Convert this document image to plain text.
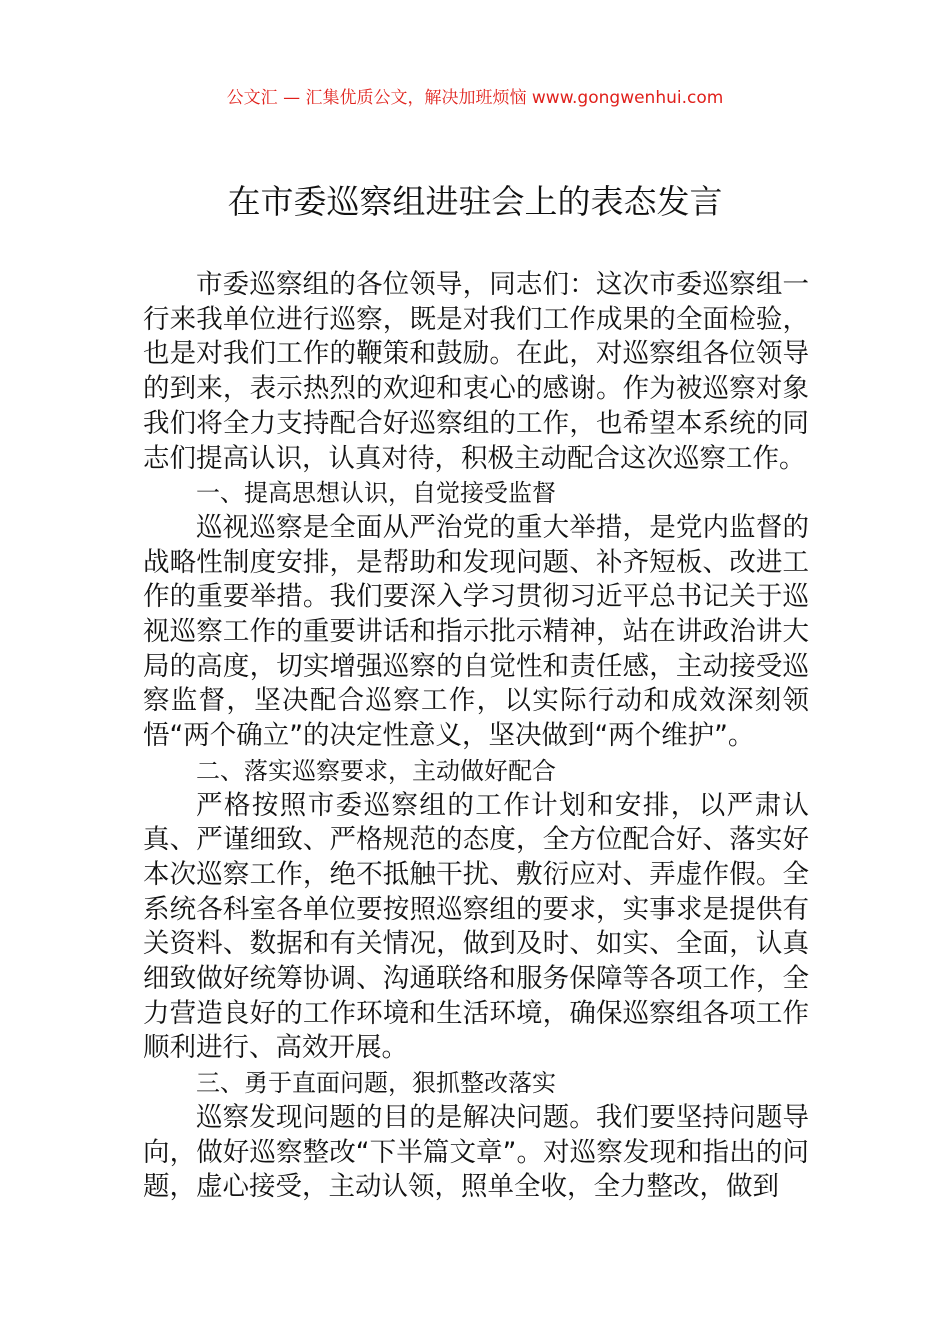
公文汇 — 汇集优质公文，解决加班烦恼 www.gongwenhui.com
在市委巡察组进驻会上的表态发言

市委巡察组的各位领导，同志们：这次市委巡察组一行来我单位进行巡察，既是对我们工作成果的全面检验，也是对我们工作的鞭策和鼓励。在此，对巡察组各位领导的到来，表示热烈的欢迎和衷心的感谢。作为被巡察对象我们将全力支持配合好巡察组的工作，也希望本系统的同志们提高认识，认真对待，积极主动配合这次巡察工作。

一、提高思想认识，自觉接受监督

巡视巡察是全面从严治党的重大举措，是党内监督的战略性制度安排，是帮助和发现问题、补齐短板、改进工作的重要举措。我们要深入学习贯彻习近平总书记关于巡视巡察工作的重要讲话和指示批示精神，站在讲政治讲大局的高度，切实增强巡察的自觉性和责任感，主动接受巡察监督，坚决配合巡察工作，以实际行动和成效深刻领悟“两个确立”的决定性意义，坚决做到“两个维护”。

二、落实巡察要求，主动做好配合

严格按照市委巡察组的工作计划和安排，以严肃认真、严谨细致、严格规范的态度，全方位配合好、落实好本次巡察工作，绝不抵触干扰、敷衍应对、弄虚作假。全系统各科室各单位要按照巡察组的要求，实事求是提供有关资料、数据和有关情况，做到及时、如实、全面，认真细致做好统筹协调、沟通联络和服务保障等各项工作，全力营造良好的工作环境和生活环境，确保巡察组各项工作顺利进行、高效开展。

三、勇于直面问题，狠抓整改落实

巡察发现问题的目的是解决问题。我们要坚持问题导向，做好巡察整改“下半篇文章”。对巡察发现和指出的问题，虚心接受，主动认领，照单全收，全力整改，做到
